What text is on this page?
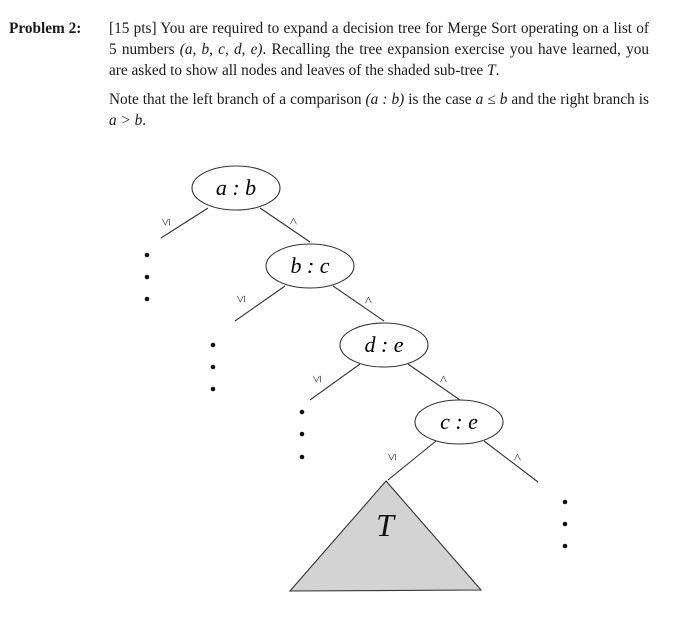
Problem 2:	[15 pts] You are required to expand a decision tree for Merge Sort operating on a list of 5 numbers (a, b, c, d, e). Recalling the tree expansion exercise you have learned, you are asked to show all nodes and leaves of the shaded sub-tree T.
Note that the left branch of a comparison (a : b) is the case a ≤ b and the right branch is a > b.
a : b
b : c
d : e
c : e
≤	>
≤	>
≤	>
≤	>
T
